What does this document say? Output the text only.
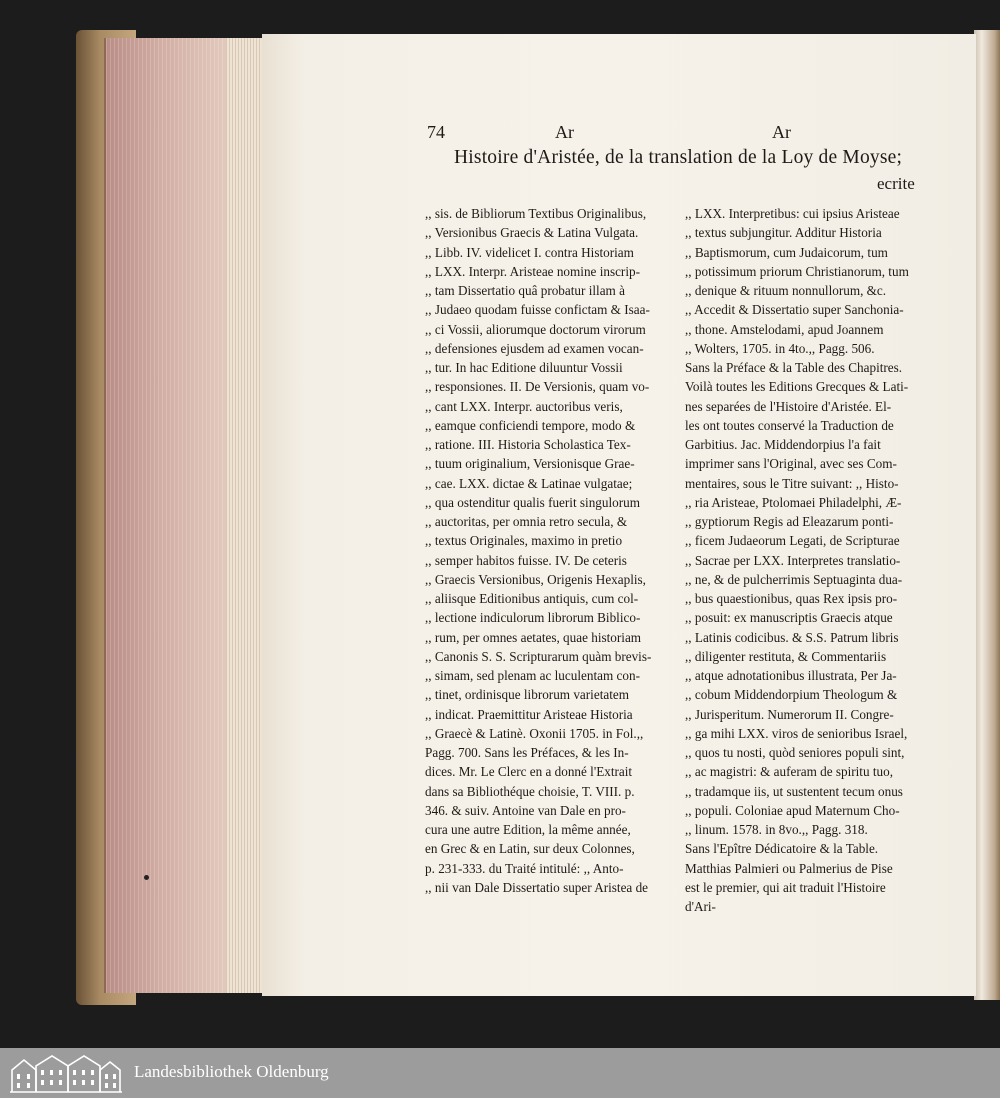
74	Ar	Ar
Histoire d'Aristée, de la translation de la Loy de Moyse;
ecrite
,, sis. de Bibliorum Textibus Originalibus,
,, Versionibus Graecis & Latina Vulgata.
,, Libb. IV. videlicet I. contra Historiam
,, LXX. Interpr. Aristeae nomine inscrip-
,, tam Dissertatio quâ probatur illam à
,, Judaeo quodam fuisse confictam & Isaa-
,, ci Vossii, aliorumque doctorum virorum
,, defensiones ejusdem ad examen vocan-
,, tur. In hac Editione diluuntur Vossii
,, responsiones. II. De Versionis, quam vo-
,, cant LXX. Interpr. auctoribus veris,
,, eamque conficiendi tempore, modo &
,, ratione. III. Historia Scholastica Tex-
,, tuum originalium, Versionisque Grae-
,, cae. LXX. dictae & Latinae vulgatae;
,, qua ostenditur qualis fuerit singulorum
,, auctoritas, per omnia retro secula, &
,, textus Originales, maximo in pretio
,, semper habitos fuisse. IV. De ceteris
,, Graecis Versionibus, Origenis Hexaplis,
,, aliisque Editionibus antiquis, cum col-
,, lectione indiculorum librorum Biblico-
,, rum, per omnes aetates, quae historiam
,, Canonis S. S. Scripturarum quàm brevis-
,, simam, sed plenam ac luculentam con-
,, tinet, ordinisque librorum varietatem
,, indicat. Praemittitur Aristeae Historia
,, Graecè & Latinè. Oxonii 1705. in Fol.,,
Pagg. 700. Sans les Préfaces, & les In-
dices. Mr. Le Clerc en a donné l'Extrait
dans sa Bibliothéque choisie, T. VIII. p.
346. & suiv. Antoine van Dale en pro-
cura une autre Edition, la même année,
en Grec & en Latin, sur deux Colonnes,
p. 231-333. du Traité intitulé: ,, Anto-
,, nii van Dale Dissertatio super Aristea de
,, LXX. Interpretibus: cui ipsius Aristeae
,, textus subjungitur. Additur Historia
,, Baptismorum, cum Judaicorum, tum
,, potissimum priorum Christianorum, tum
,, denique & rituum nonnullorum, &c.
,, Accedit & Dissertatio super Sanchonia-
,, thone. Amstelodami, apud Joannem
,, Wolters, 1705. in 4to.,, Pagg. 506.
Sans la Préface & la Table des Chapitres.
Voilà toutes les Editions Grecques & Lati-
nes separées de l'Histoire d'Aristée. El-
les ont toutes conservé la Traduction de
Garbitius. Jac. Middendorpius l'a fait
imprimer sans l'Original, avec ses Com-
mentaires, sous le Titre suivant: ,, Histo-
,, ria Aristeae, Ptolomaei Philadelphi, Æ-
,, gyptiorum Regis ad Eleazarum ponti-
,, ficem Judaeorum Legati, de Scripturae
,, Sacrae per LXX. Interpretes translatio-
,, ne, & de pulcherrimis Septuaginta dua-
,, bus quaestionibus, quas Rex ipsis pro-
,, posuit: ex manuscriptis Graecis atque
,, Latinis codicibus. & S.S. Patrum libris
,, diligenter restituta, & Commentariis
,, atque adnotationibus illustrata, Per Ja-
,, cobum Middendorpium Theologum &
,, Jurisperitum. Numerorum II. Congre-
,, ga mihi LXX. viros de senioribus Israel,
,, quos tu nosti, quòd seniores populi sint,
,, ac magistri: & auferam de spiritu tuo,
,, tradamque iis, ut sustentent tecum onus
,, populi. Coloniae apud Maternum Cho-
,, linum. 1578. in 8vo.,, Pagg. 318.
Sans l'Epître Dédicatoire & la Table.
Matthias Palmieri ou Palmerius de Pise
est le premier, qui ait traduit l'Histoire
d'Ari-
Landesbibliothek Oldenburg
